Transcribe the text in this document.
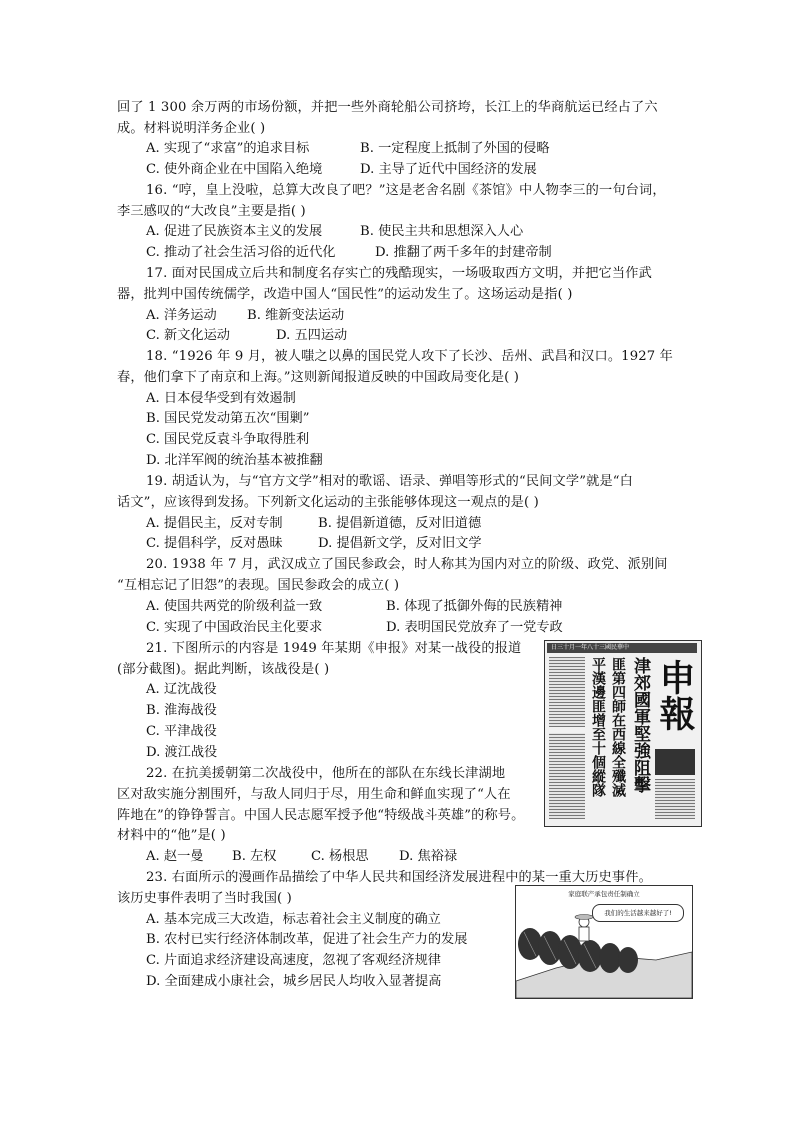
回了 1 300 余万两的市场份额，并把一些外商轮船公司挤垮，长江上的华商航运已经占了六
成。材料说明洋务企业( )
A. 实现了“求富”的追求目标	B. 一定程度上抵制了外国的侵略
C. 使外商企业在中国陷入绝境	D. 主导了近代中国经济的发展
16. “哼，皇上没啦，总算大改良了吧？”这是老舍名剧《茶馆》中人物李三的一句台词，
李三感叹的“大改良”主要是指( )
A. 促进了民族资本主义的发展	B. 使民主共和思想深入人心
C. 推动了社会生活习俗的近代化	D. 推翻了两千多年的封建帝制
17. 面对民国成立后共和制度名存实亡的残酷现实，一场吸取西方文明，并把它当作武
器，批判中国传统儒学，改造中国人“国民性”的运动发生了。这场运动是指( )
A. 洋务运动 B. 维新变法运动
C. 新文化运动	D. 五四运动
18. “1926 年 9 月，被人嗤之以鼻的国民党人攻下了长沙、岳州、武昌和汉口。1927 年
春，他们拿下了南京和上海。”这则新闻报道反映的中国政局变化是( )
A. 日本侵华受到有效遏制
B. 国民党发动第五次“围剿”
C. 国民党反袁斗争取得胜利
D. 北洋军阀的统治基本被推翻
19. 胡适认为，与“官方文学”相对的歌谣、语录、弹唱等形式的“民间文学”就是“白
话文”，应该得到发扬。下列新文化运动的主张能够体现这一观点的是( )
A. 提倡民主，反对专制	B. 提倡新道德，反对旧道德
C. 提倡科学，反对愚昧	D. 提倡新文学，反对旧文学
20. 1938 年 7 月，武汉成立了国民参政会，时人称其为国内对立的阶级、政党、派别间
“互相忘记了旧怨”的表现。国民参政会的成立( )
A. 使国共两党的阶级利益一致	B. 体现了抵御外侮的民族精神
C. 实现了中国政治民主化要求	D. 表明国民党放弃了一党专政
21. 下图所示的内容是 1949 年某期《申报》对某一战役的报道
(部分截图)。据此判断，该战役是( )
A. 辽沈战役
B. 淮海战役
C. 平津战役
D. 渡江战役
22. 在抗美援朝第二次战役中，他所在的部队在东线长津湖地
区对敌实施分割围歼，与敌人同归于尽，用生命和鲜血实现了“人在
阵地在”的铮铮誓言。中国人民志愿军授予他“特级战斗英雄”的称号。
材料中的“他”是( )
A. 赵一曼 B. 左权	C. 杨根思 D. 焦裕禄
23. 右面所示的漫画作品描绘了中华人民共和国经济发展进程中的某一重大历史事件。
该历史事件表明了当时我国( )
A. 基本完成三大改造，标志着社会主义制度的确立
B. 农村已实行经济体制改革，促进了社会生产力的发展
C. 片面追求经济建设高速度，忽视了客观经济规律
D. 全面建成小康社会，城乡居民人均收入显著提高
日三十月一年八十三國民華中
申報
津郊國軍堅強阻擊
匪第四師在西線全殲滅
平漢邊匪增至十個縱隊
家庭联产承包责任制确立
我们的生活越来越好了!
